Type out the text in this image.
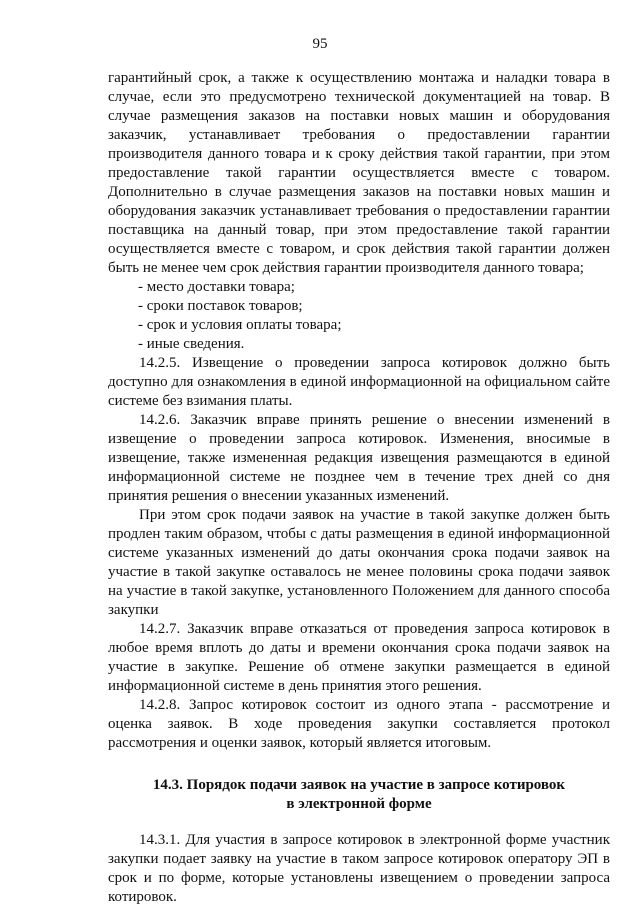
95

гарантийный срок, а также к осуществлению монтажа и наладки товара в случае, если это предусмотрено технической документацией на товар. В случае размещения заказов на поставки новых машин и оборудования заказчик, устанавливает требования о предоставлении гарантии производителя данного товара и к сроку действия такой гарантии, при этом предоставление такой гарантии осуществляется вместе с товаром. Дополнительно в случае размещения заказов на поставки новых машин и оборудования заказчик устанавливает требования о предоставлении гарантии поставщика на данный товар, при этом предоставление такой гарантии осуществляется вместе с товаром, и срок действия такой гарантии должен быть не менее чем срок действия гарантии производителя данного товара;

- место доставки товара;

- сроки поставок товаров;

- срок и условия оплаты товара;

- иные сведения.

14.2.5. Извещение о проведении запроса котировок должно быть доступно для ознакомления в единой информационной на официальном сайте системе без взимания платы.

14.2.6. Заказчик вправе принять решение о внесении изменений в извещение о проведении запроса котировок. Изменения, вносимые в извещение, также измененная редакция извещения размещаются в единой информационной системе не позднее чем в течение трех дней со дня принятия решения о внесении указанных изменений.

При этом срок подачи заявок на участие в такой закупке должен быть продлен таким образом, чтобы с даты размещения в единой информационной системе указанных изменений до даты окончания срока подачи заявок на участие в такой закупке оставалось не менее половины срока подачи заявок на участие в такой закупке, установленного Положением для данного способа закупки

14.2.7. Заказчик вправе отказаться от проведения запроса котировок в любое время вплоть до даты и времени окончания срока подачи заявок на участие в закупке. Решение об отмене закупки размещается в единой информационной системе в день принятия этого решения.

14.2.8. Запрос котировок состоит из одного этапа - рассмотрение и оценка заявок. В ходе проведения закупки составляется протокол рассмотрения и оценки заявок, который является итоговым.

14.3. Порядок подачи заявок на участие в запросе котировок
в электронной форме

14.3.1. Для участия в запросе котировок в электронной форме участник закупки подает заявку на участие в таком запросе котировок оператору ЭП в срок и по форме, которые установлены извещением о проведении запроса котировок.
